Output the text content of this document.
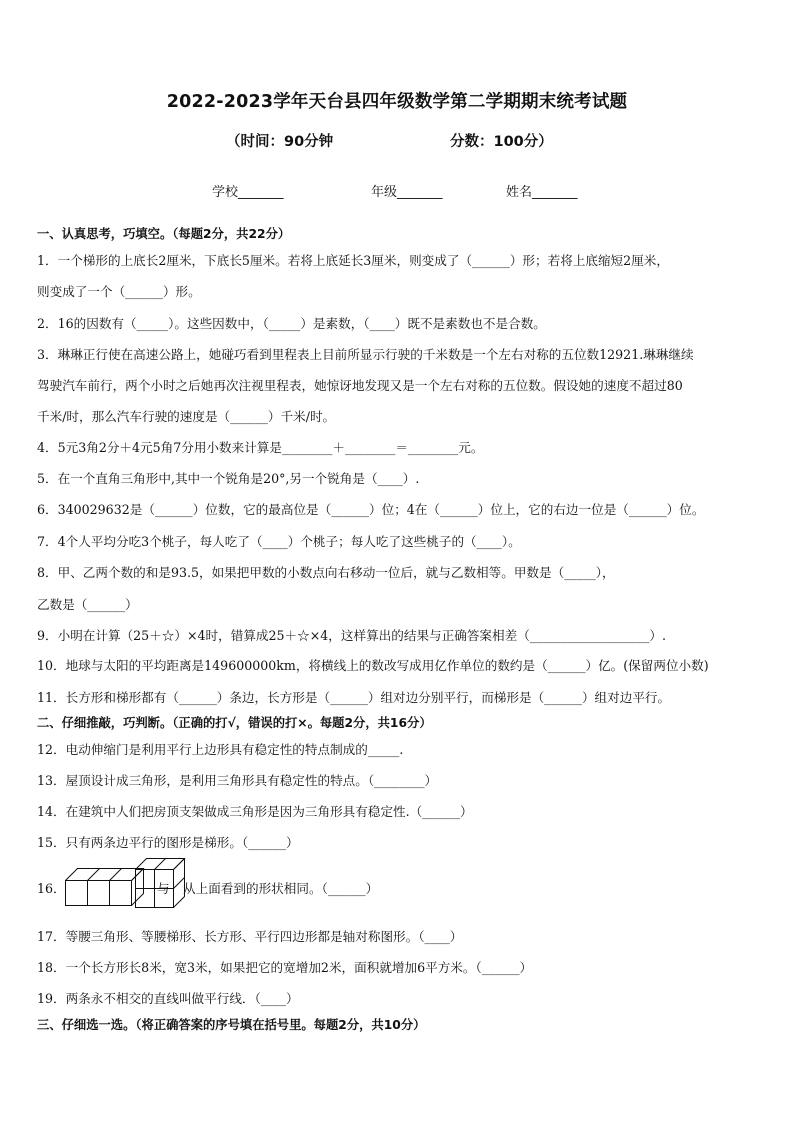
2022-2023学年天台县四年级数学第二学期期末统考试题
（时间：90分钟	分数：100分）
学校_______	年级_______	姓名_______
一、认真思考，巧填空。（每题2分，共22分）
1．一个梯形的上底长2厘米，下底长5厘米。若将上底延长3厘米，则变成了（______）形；若将上底缩短2厘米，
则变成了一个（______）形。
2．16的因数有（_____）。这些因数中，（_____）是素数，（____）既不是素数也不是合数。
3．琳琳正行使在高速公路上，她碰巧看到里程表上目前所显示行驶的千米数是一个左右对称的五位数12921.琳琳继续
驾驶汽车前行，两个小时之后她再次注视里程表，她惊讶地发现又是一个左右对称的五位数。假设她的速度不超过80
千米/时，那么汽车行驶的速度是（______）千米/时。
4．5元3角2分＋4元5角7分用小数来计算是________＋________＝________元。
5．在一个直角三角形中,其中一个锐角是20°,另一个锐角是（____）.
6．340029632是（______）位数，它的最高位是（______）位；4在（______）位上，它的右边一位是（______）位。
7．4个人平均分吃3个桃子，每人吃了（____）个桃子；每人吃了这些桃子的（____）。
8．甲、乙两个数的和是93.5，如果把甲数的小数点向右移动一位后，就与乙数相等。甲数是（_____），
乙数是（______）
9．小明在计算（25＋☆）×4时，错算成25＋☆×4，这样算出的结果与正确答案相差（___________________）.
10．地球与太阳的平均距离是149600000km，将横线上的数改写成用亿作单位的数约是（______）亿。(保留两位小数)
11．长方形和梯形都有（______）条边，长方形是（______）组对边分别平行，而梯形是（______）组对边平行。
二、仔细推敲，巧判断。（正确的打√，错误的打×。每题2分，共16分）
12．电动伸缩门是利用平行上边形具有稳定性的特点制成的_____.
13．屋顶设计成三角形，是利用三角形具有稳定性的特点。（________）
14．在建筑中人们把房顶支架做成三角形是因为三角形具有稳定性.（______）
15．只有两条边平行的图形是梯形。（______）
16．	与 从上面看到的形状相同。（______）
17．等腰三角形、等腰梯形、长方形、平行四边形都是轴对称图形。（____）
18．一个长方形长8米，宽3米，如果把它的宽增加2米，面积就增加6平方米。（______）
19．两条永不相交的直线叫做平行线．（____）
三、仔细选一选。（将正确答案的序号填在括号里。每题2分，共10分）
